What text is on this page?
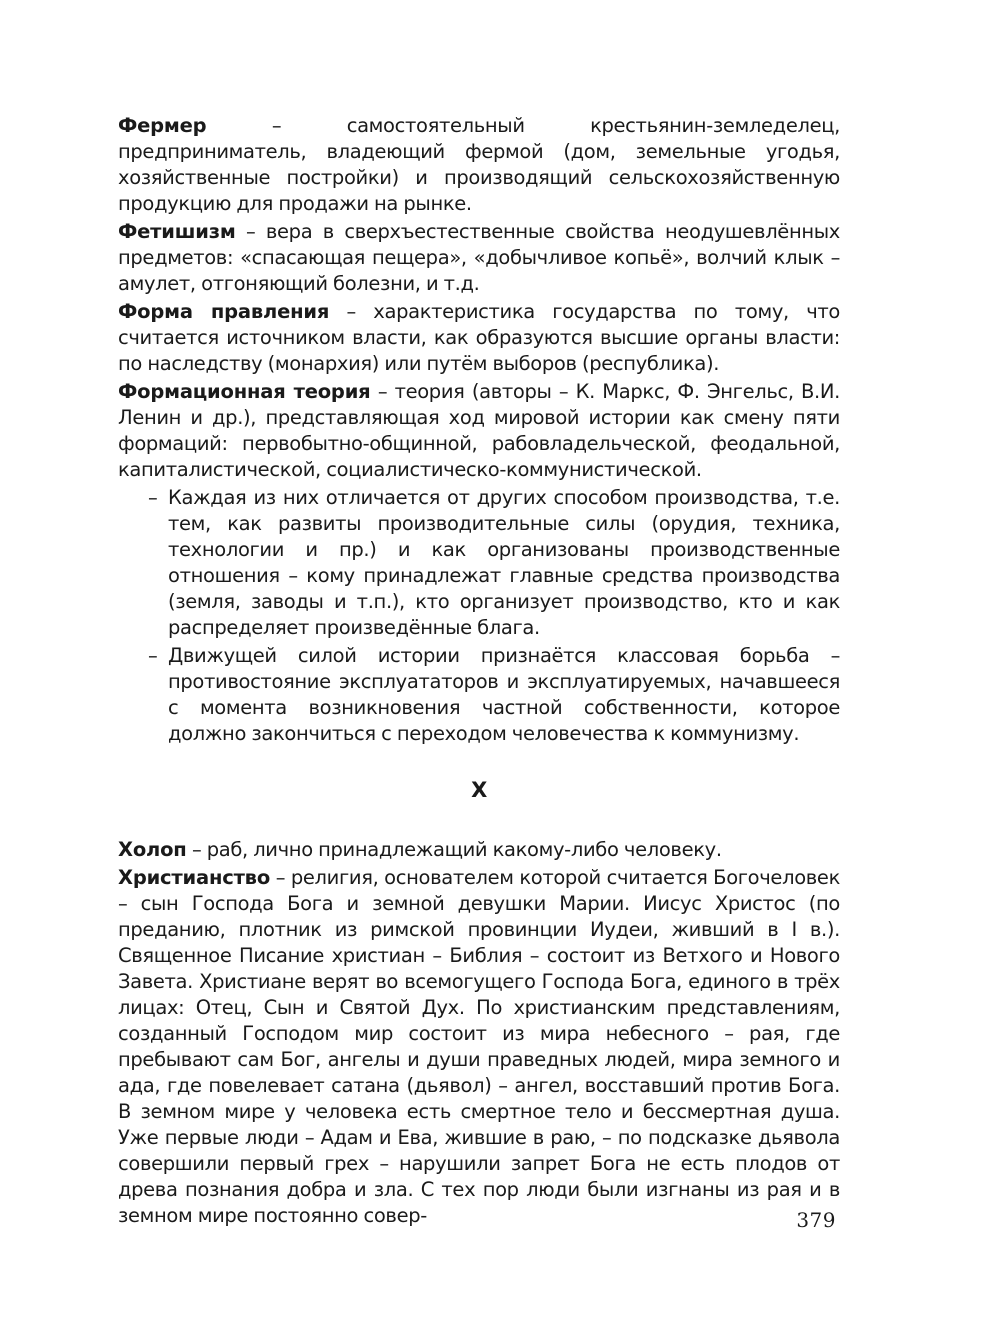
Фермер – самостоятельный крестьянин-земледелец, предприниматель, владеющий фермой (дом, земельные угодья, хозяйственные постройки) и производящий сельскохозяйственную продукцию для продажи на рынке.

Фетишизм – вера в сверхъестественные свойства неодушевлённых предметов: «спасающая пещера», «добычливое копьё», волчий клык – амулет, отгоняющий болезни, и т.д.

Форма правления – характеристика государства по тому, что считается источником власти, как образуются высшие органы власти: по наследству (монархия) или путём выборов (республика).

Формационная теория – теория (авторы – К. Маркс, Ф. Энгельс, В.И. Ленин и др.), представляющая ход мировой истории как смену пяти формаций: первобытно-общинной, рабовладельческой, феодальной, капиталистической, социалистическо-коммунистической.

– Каждая из них отличается от других способом производства, т.е. тем, как развиты производительные силы (орудия, техника, технологии и пр.) и как организованы производственные отношения – кому принадлежат главные средства производства (земля, заводы и т.п.), кто организует производство, кто и как распределяет произведённые блага.
– Движущей силой истории признаётся классовая борьба – противостояние эксплуататоров и эксплуатируемых, начавшееся с момента возникновения частной собственности, которое должно закончиться с переходом человечества к коммунизму.
Х

Холоп – раб, лично принадлежащий какому-либо человеку.

Христианство – религия, основателем которой считается Богочеловек – сын Господа Бога и земной девушки Марии. Иисус Христос (по преданию, плотник из римской провинции Иудеи, живший в I в.). Священное Писание христиан – Библия – состоит из Ветхого и Нового Завета. Христиане верят во всемогущего Господа Бога, единого в трёх лицах: Отец, Сын и Святой Дух. По христианским представлениям, созданный Господом мир состоит из мира небесного – рая, где пребывают сам Бог, ангелы и души праведных людей, мира земного и ада, где повелевает сатана (дьявол) – ангел, восставший против Бога. В земном мире у человека есть смертное тело и бессмертная душа. Уже первые люди – Адам и Ева, жившие в раю, – по подсказке дьявола совершили первый грех – нарушили запрет Бога не есть плодов от древа познания добра и зла. С тех пор люди были изгнаны из рая и в земном мире постоянно совер-	379
